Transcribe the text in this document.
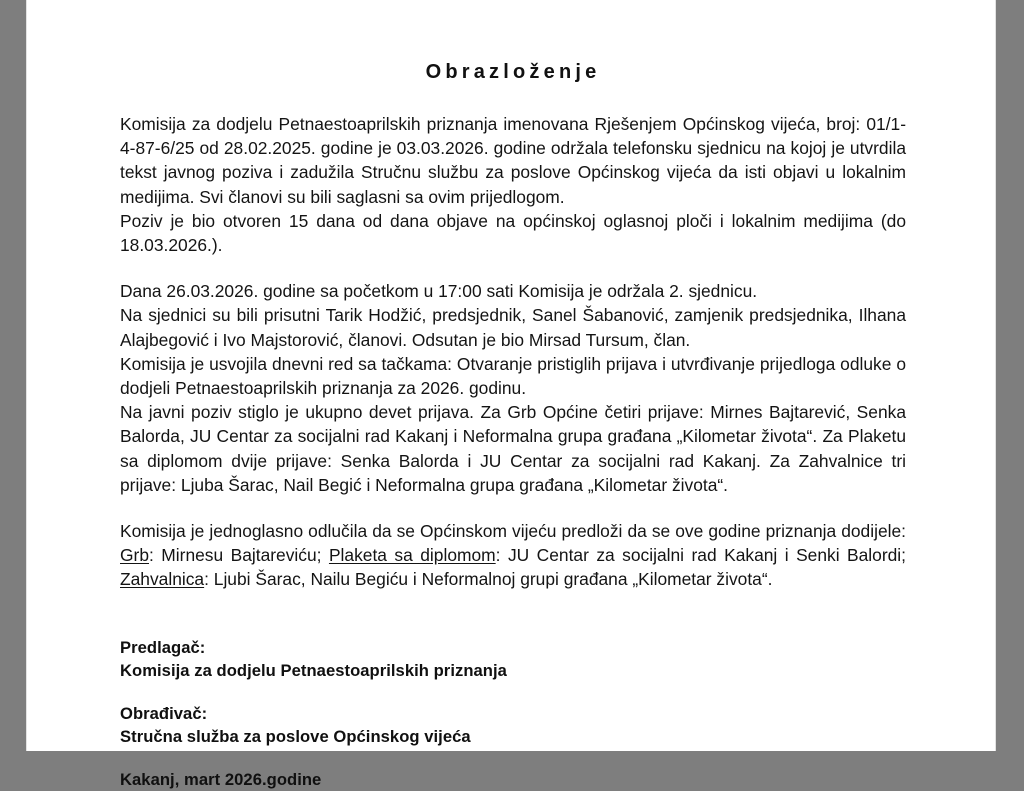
Obrazloženje

Komisija za dodjelu Petnaestoaprilskih priznanja imenovana Rješenjem Općinskog vijeća, broj: 01/1-4-87-6/25 od 28.02.2025. godine je 03.03.2026. godine održala telefonsku sjednicu na kojoj je utvrdila tekst javnog poziva i zadužila Stručnu službu za poslove Općinskog vijeća da isti objavi u lokalnim medijima. Svi članovi su bili saglasni sa ovim prijedlogom.

Poziv je bio otvoren 15 dana od dana objave na općinskoj oglasnoj ploči i lokalnim medijima (do 18.03.2026.).

Dana 26.03.2026. godine sa početkom u 17:00 sati Komisija je održala 2. sjednicu.

Na sjednici su bili prisutni Tarik Hodžić, predsjednik, Sanel Šabanović, zamjenik predsjednika, Ilhana Alajbegović i Ivo Majstorović, članovi. Odsutan je bio Mirsad Tursum, član.

Komisija je usvojila dnevni red sa tačkama: Otvaranje pristiglih prijava i utvrđivanje prijedloga odluke o dodjeli Petnaestoaprilskih priznanja za 2026. godinu.

Na javni poziv stiglo je ukupno devet prijava. Za Grb Općine četiri prijave: Mirnes Bajtarević, Senka Balorda, JU Centar za socijalni rad Kakanj i Neformalna grupa građana „Kilometar života“. Za Plaketu sa diplomom dvije prijave: Senka Balorda i JU Centar za socijalni rad Kakanj. Za Zahvalnice tri prijave: Ljuba Šarac, Nail Begić i Neformalna grupa građana „Kilometar života“.

Komisija je jednoglasno odlučila da se Općinskom vijeću predloži da se ove godine priznanja dodijele: Grb: Mirnesu Bajtareviću; Plaketa sa diplomom: JU Centar za socijalni rad Kakanj i Senki Balordi; Zahvalnica: Ljubi Šarac, Nailu Begiću i Neformalnoj grupi građana „Kilometar života“.

Predlagač:

Komisija za dodjelu Petnaestoaprilskih priznanja

Obrađivač:

Stručna služba za poslove Općinskog vijeća

Kakanj, mart 2026.godine
